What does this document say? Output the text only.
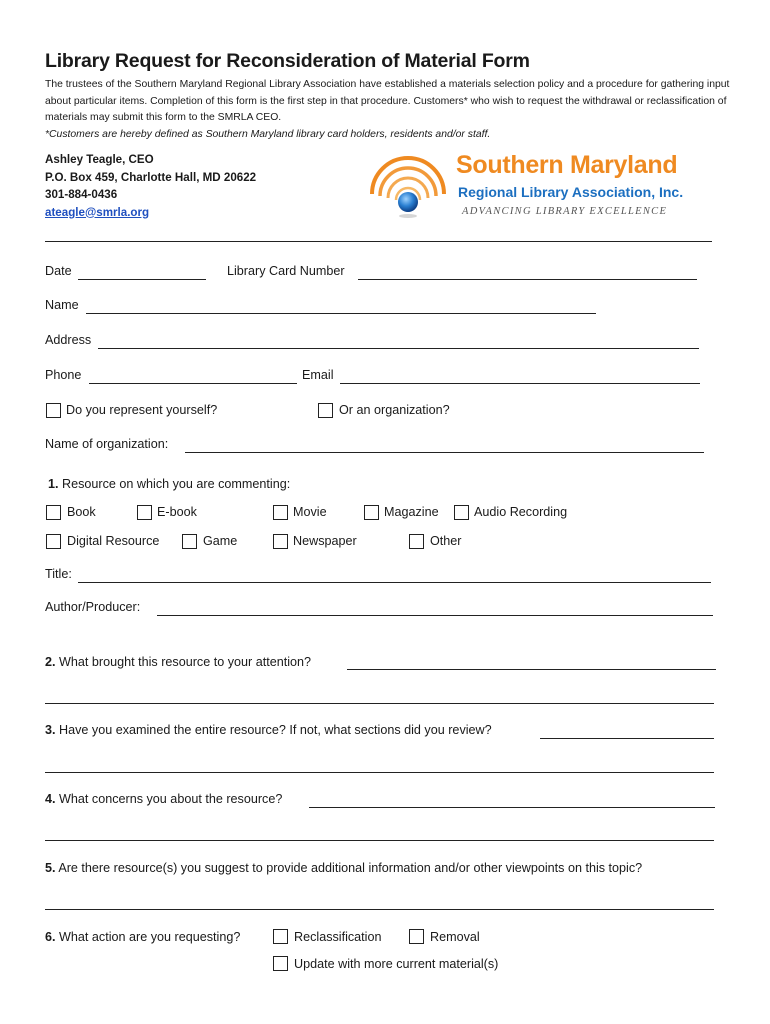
Library Request for Reconsideration of Material Form

The trustees of the Southern Maryland Regional Library Association have established a materials selection policy and a procedure for gathering input about particular items. Completion of this form is the first step in that procedure. Customers* who wish to request the withdrawal or reclassification of materials may submit this form to the SMRLA CEO.

*Customers are hereby defined as Southern Maryland library card holders, residents and/or staff.

Ashley Teagle, CEO
P.O. Box 459, Charlotte Hall, MD 20622
301-884-0436
ateagle@smrla.org
Southern Maryland
Regional Library Association, Inc.
ADVANCING LIBRARY EXCELLENCE
Date	Library Card Number
Name
Address
Phone	Email
Do you represent yourself?	Or an organization?
Name of organization:
1. Resource on which you are commenting:
Book	E-book	Movie	Magazine	Audio Recording
Digital Resource	Game	Newspaper	Other
Title:
Author/Producer:
2. What brought this resource to your attention?
3. Have you examined the entire resource? If not, what sections did you review?
4. What concerns you about the resource?
5. Are there resource(s) you suggest to provide additional information and/or other viewpoints on this topic?
6. What action are you requesting?	Reclassification	Removal
Update with more current material(s)
